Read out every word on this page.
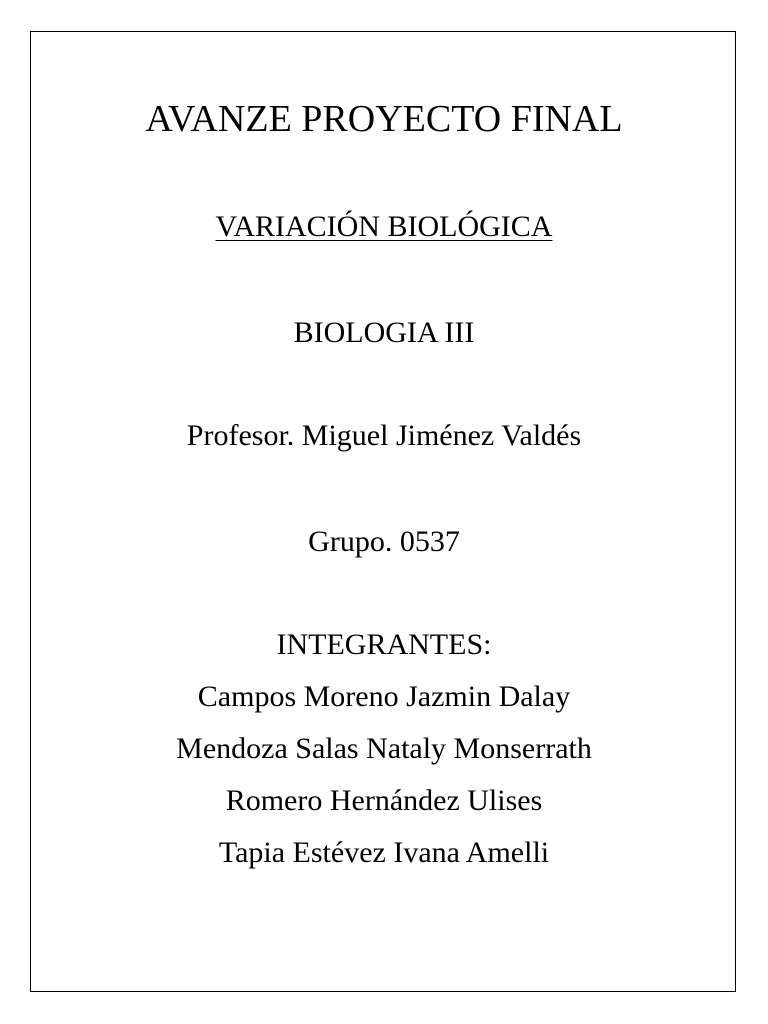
AVANZE PROYECTO FINAL
VARIACIÓN BIOLÓGICA
BIOLOGIA III
Profesor. Miguel Jiménez Valdés
Grupo. 0537
INTEGRANTES:
Campos Moreno Jazmin Dalay
Mendoza Salas Nataly Monserrath
Romero Hernández Ulises
Tapia Estévez Ivana Amelli
